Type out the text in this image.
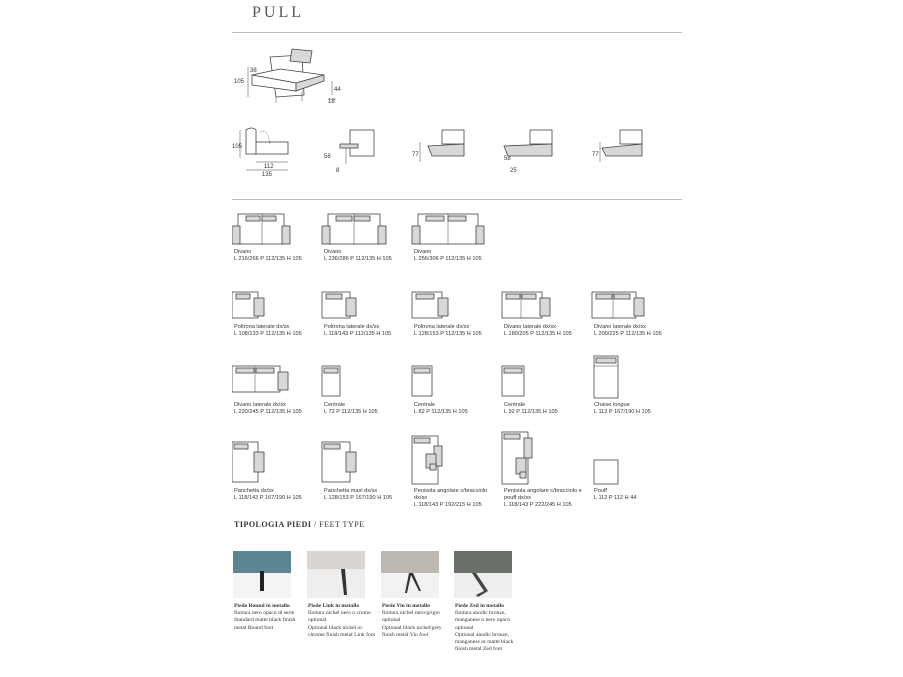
PULL
105
38
44
18
105
112
135
58
8
77
58
25
77
Divano
L 216/266 P 112/135 H 105
Divano
L 236/286 P 112/135 H 105
Divano
L 256/306 P 112/135 H 105
Poltrona laterale dx/sx
L 108/133 P 112/135 H 105
Poltrona laterale dx/sx
L 118/143 P 112/135 H 105
Poltrona laterale dx/sx
L 128/153 P 112/135 H 105
Divano laterale dx/sx
L 180/205 P 112/135 H 105
Divano laterale dx/sx
L 200/225 P 112/135 H 105
Divano laterale dx/sx
L 220/245 P 112/135 H 105
Centrale
L 72 P 112/135 H 105
Centrale
L 82 P 112/135 H 105
Centrale
L 92 P 112/135 H 105
Chaise longue
L 112 P 167/190 H 105
Panchetta dx/sx
L 118/143 P 167/190 H 105
Panchetta maxi dx/sx
L 128/153 P 167/190 H 105
Penisola angolare c/bracciolo dx/sx
L 118/143 P 192/215 H 105
Penisola angolare c/bracciolo e pouff dx/sx
L 118/143 P 222/245 H 105
Pouff
L 112 P 112 H 44
TIPOLOGIA PIEDI / FEET TYPE
Piede Round in metallo
finitura nero opaco di serie
Standard matte black finish metal Round foot
Piede Link in metallo
finitura nichel nero o cromo optional
Optional black nickel or chrome finish metal Link foot
Piede Yin in metallo
finitura nichel nero/grigio optional
Optional black nickel/grey finish metal Yin foot
Piede Zed in metallo
finitura anodic bronze, manganese o nero opaco optional
Optional anodic bronze, manganese or matte black finish metal Zed foot
